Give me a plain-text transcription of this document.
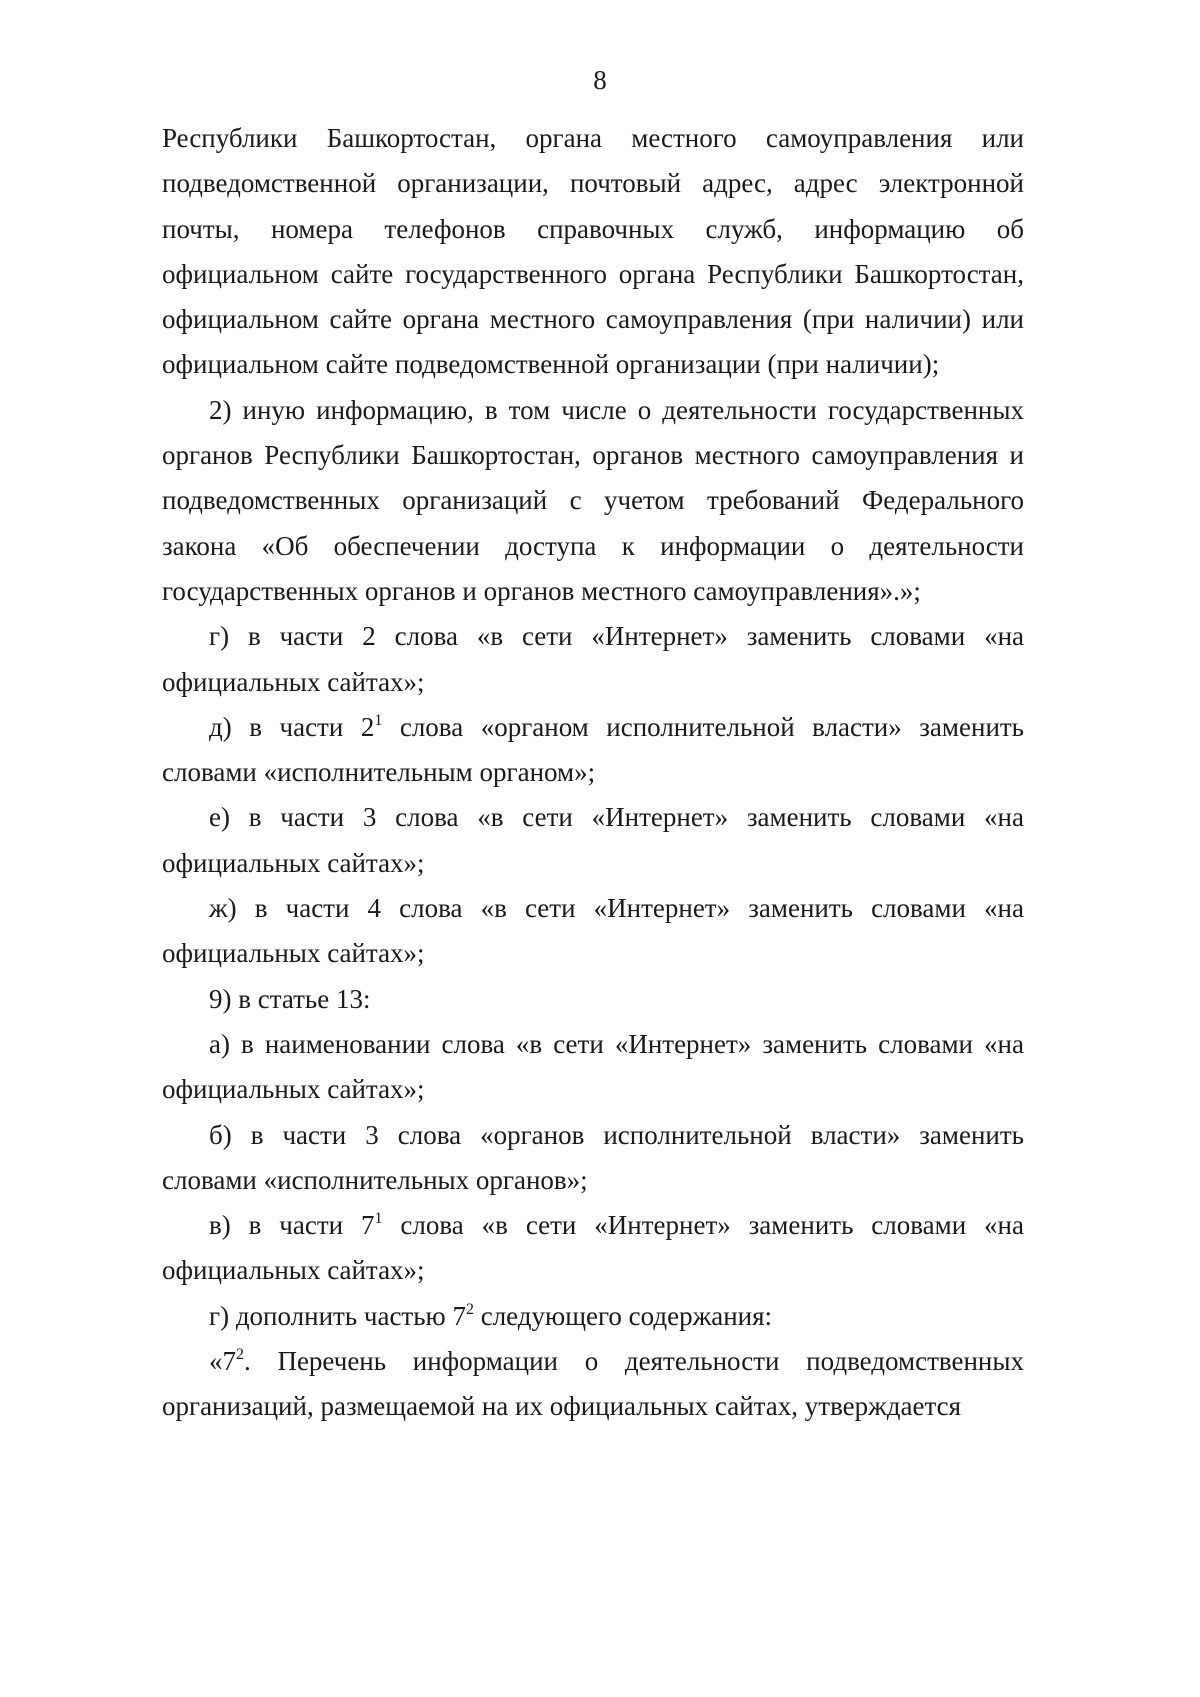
8

Республики Башкортостан, органа местного самоуправления или подведомственной организации, почтовый адрес, адрес электронной почты, номера телефонов справочных служб, информацию об официальном сайте государственного органа Республики Башкортостан, официальном сайте органа местного самоуправления (при наличии) или официальном сайте подведомственной организации (при наличии);

2) иную информацию, в том числе о деятельности государственных органов Республики Башкортостан, органов местного самоуправления и подведомственных организаций с учетом требований Федерального закона «Об обеспечении доступа к информации о деятельности государственных органов и органов местного самоуправления».»;

г) в части 2 слова «в сети «Интернет» заменить словами «на официальных сайтах»;

д) в части $2^1$ слова «органом исполнительной власти» заменить словами «исполнительным органом»;

е) в части 3 слова «в сети «Интернет» заменить словами «на официальных сайтах»;

ж) в части 4 слова «в сети «Интернет» заменить словами «на официальных сайтах»;

9) в статье 13:

а) в наименовании слова «в сети «Интернет» заменить словами «на официальных сайтах»;

б) в части 3 слова «органов исполнительной власти» заменить словами «исполнительных органов»;

в) в части $7^1$ слова «в сети «Интернет» заменить словами «на официальных сайтах»;

г) дополнить частью $7^2$ следующего содержания:

«$7^2$. Перечень информации о деятельности подведомственных организаций, размещаемой на их официальных сайтах, утверждается
